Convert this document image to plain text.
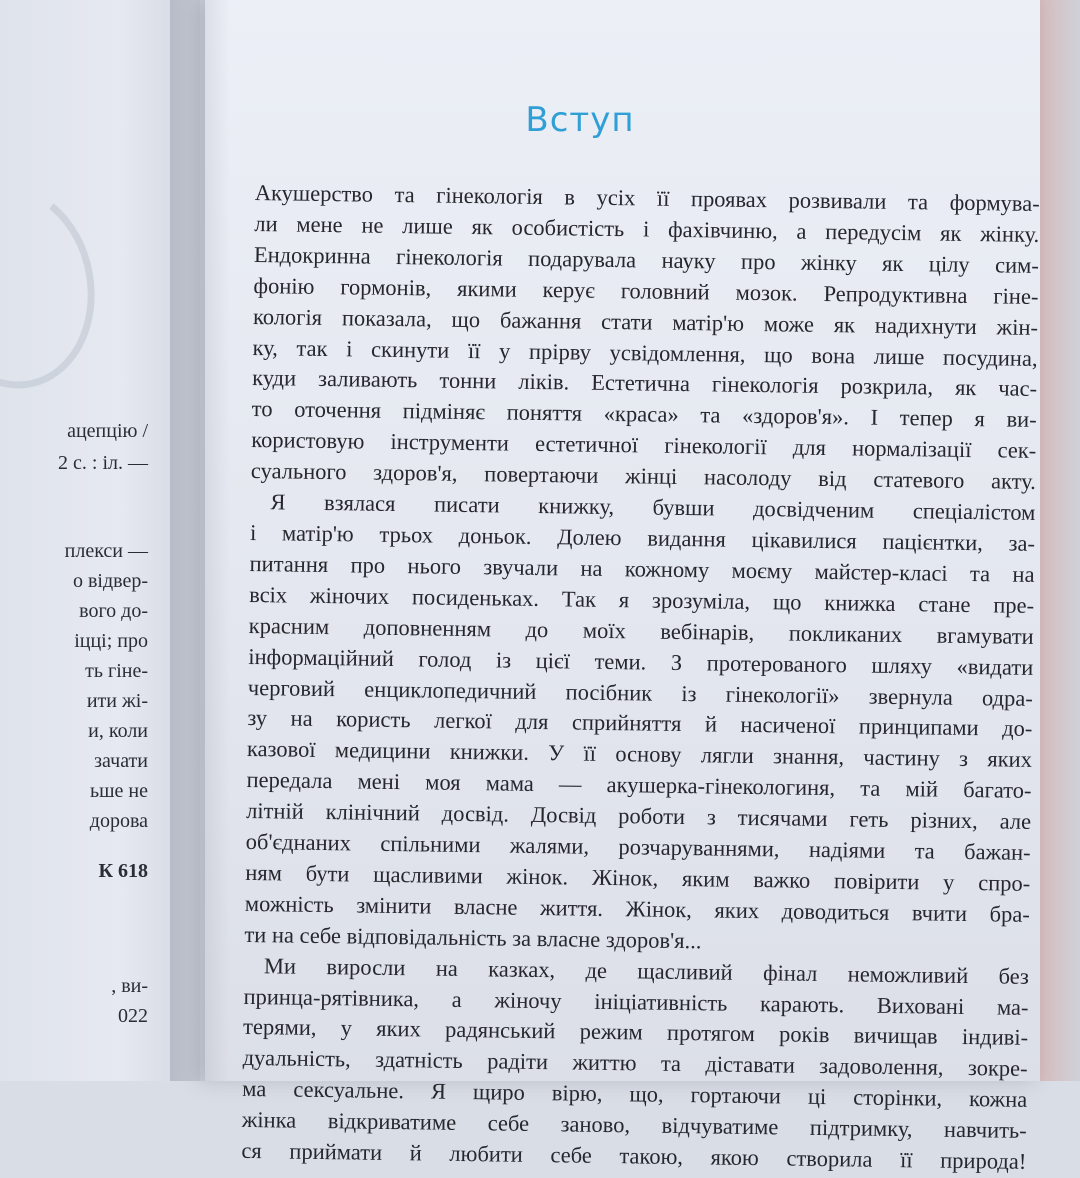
ацепцію /
2 с. : іл. —
плекси —
о відвер-
вого до-
іцці; про
ть гіне-
ити жі-
и, коли
зачати
ьше не
дорова
К 618
, ви-
022
Вступ
Акушерство та гінекологія в усіх її проявах розвивали та формува-
ли мене не лише як особистість і фахівчиню, а передусім як жінку.
Ендокринна гінекологія подарувала науку про жінку як цілу сим-
фонію гормонів, якими керує головний мозок. Репродуктивна гіне-
кологія показала, що бажання стати матір'ю може як надихнути жін-
ку, так і скинути її у прірву усвідомлення, що вона лише посудина,
куди заливають тонни ліків. Естетична гінекологія розкрила, як час-
то оточення підміняє поняття «краса» та «здоров'я». І тепер я ви-
користовую інструменти естетичної гінекології для нормалізації сек-
суального здоров'я, повертаючи жінці насолоду від статевого акту.
Я взялася писати книжку, бувши досвідченим спеціалістом
і матір'ю трьох доньок. Долею видання цікавилися пацієнтки, за-
питання про нього звучали на кожному моєму майстер-класі та на
всіх жіночих посиденьках. Так я зрозуміла, що книжка стане пре-
красним доповненням до моїх вебінарів, покликаних вгамувати
інформаційний голод із цієї теми. З протерованого шляху «видати
черговий енциклопедичний посібник із гінекології» звернула одра-
зу на користь легкої для сприйняття й насиченої принципами до-
казової медицини книжки. У її основу лягли знання, частину з яких
передала мені моя мама — акушерка-гінекологиня, та мій багато-
літній клінічний досвід. Досвід роботи з тисячами геть різних, але
об'єднаних спільними жалями, розчаруваннями, надіями та бажан-
ням бути щасливими жінок. Жінок, яким важко повірити у спро-
можність змінити власне життя. Жінок, яких доводиться вчити бра-
ти на себе відповідальність за власне здоров'я...
Ми виросли на казках, де щасливий фінал неможливий без
принца-рятівника, а жіночу ініціативність карають. Виховані ма-
терями, у яких радянський режим протягом років вичищав індиві-
дуальність, здатність радіти життю та діставати задоволення, зокре-
ма сексуальне. Я щиро вірю, що, гортаючи ці сторінки, кожна
жінка відкриватиме себе заново, відчуватиме підтримку, навчить-
ся приймати й любити себе такою, якою створила її природа!
